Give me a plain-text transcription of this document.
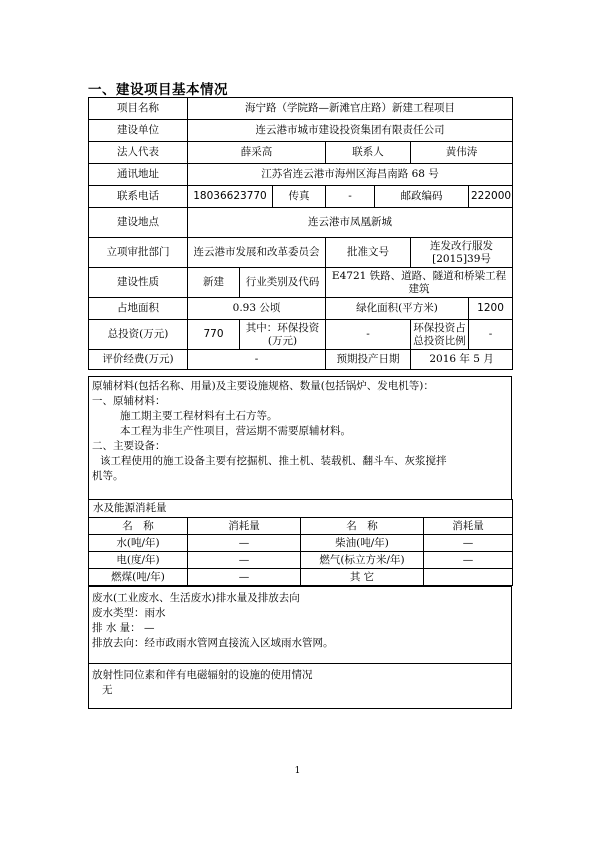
一、建设项目基本情况
项目名称	海宁路（学院路—新滩官庄路）新建工程项目						
建设单位	连云港市城市建设投资集团有限责任公司						
法人代表	薛采高			联系人		黄伟涛	
通讯地址	江苏省连云港市海州区海昌南路 68 号						
联系电话	18036623770		传真	-	邮政编码		222000
建设地点	连云港市凤凰新城						
立项审批部门	连云港市发展和改革委员会			批准文号		连发改行服发[2015]39号	
建设性质	新建	行业类别及代码		E4721 铁路、道路、隧道和桥梁工程建筑			
占地面积	0.93 公顷			绿化面积(平方米)			1200
总投资(万元)	770	其中：环保投资(万元)		-		环保投资占总投资比例	-
评价经费(万元)	-			预期投产日期		2016 年 5 月	

原辅材料(包括名称、用量)及主要设施规格、数量(包括锅炉、发电机等)：

一、原辅材料：

施工期主要工程材料有土石方等。

本工程为非生产性项目，营运期不需要原辅材料。

二、主要设备：

该工程使用的施工设备主要有挖掘机、推土机、装载机、翻斗车、灰浆搅拌

机等。

水及能源消耗量			
名　称	消耗量	名　称	消耗量
水(吨/年)	—	柴油(吨/年)	—
电(度/年)	—	燃气(标立方米/年)	—
燃煤(吨/年)	—	其 它	

废水(工业废水、生活废水)排水量及排放去向

废水类型：雨水

排 水 量： —

排放去向：经市政雨水管网直接流入区域雨水管网。

放射性同位素和伴有电磁辐射的设施的使用情况

无

1
